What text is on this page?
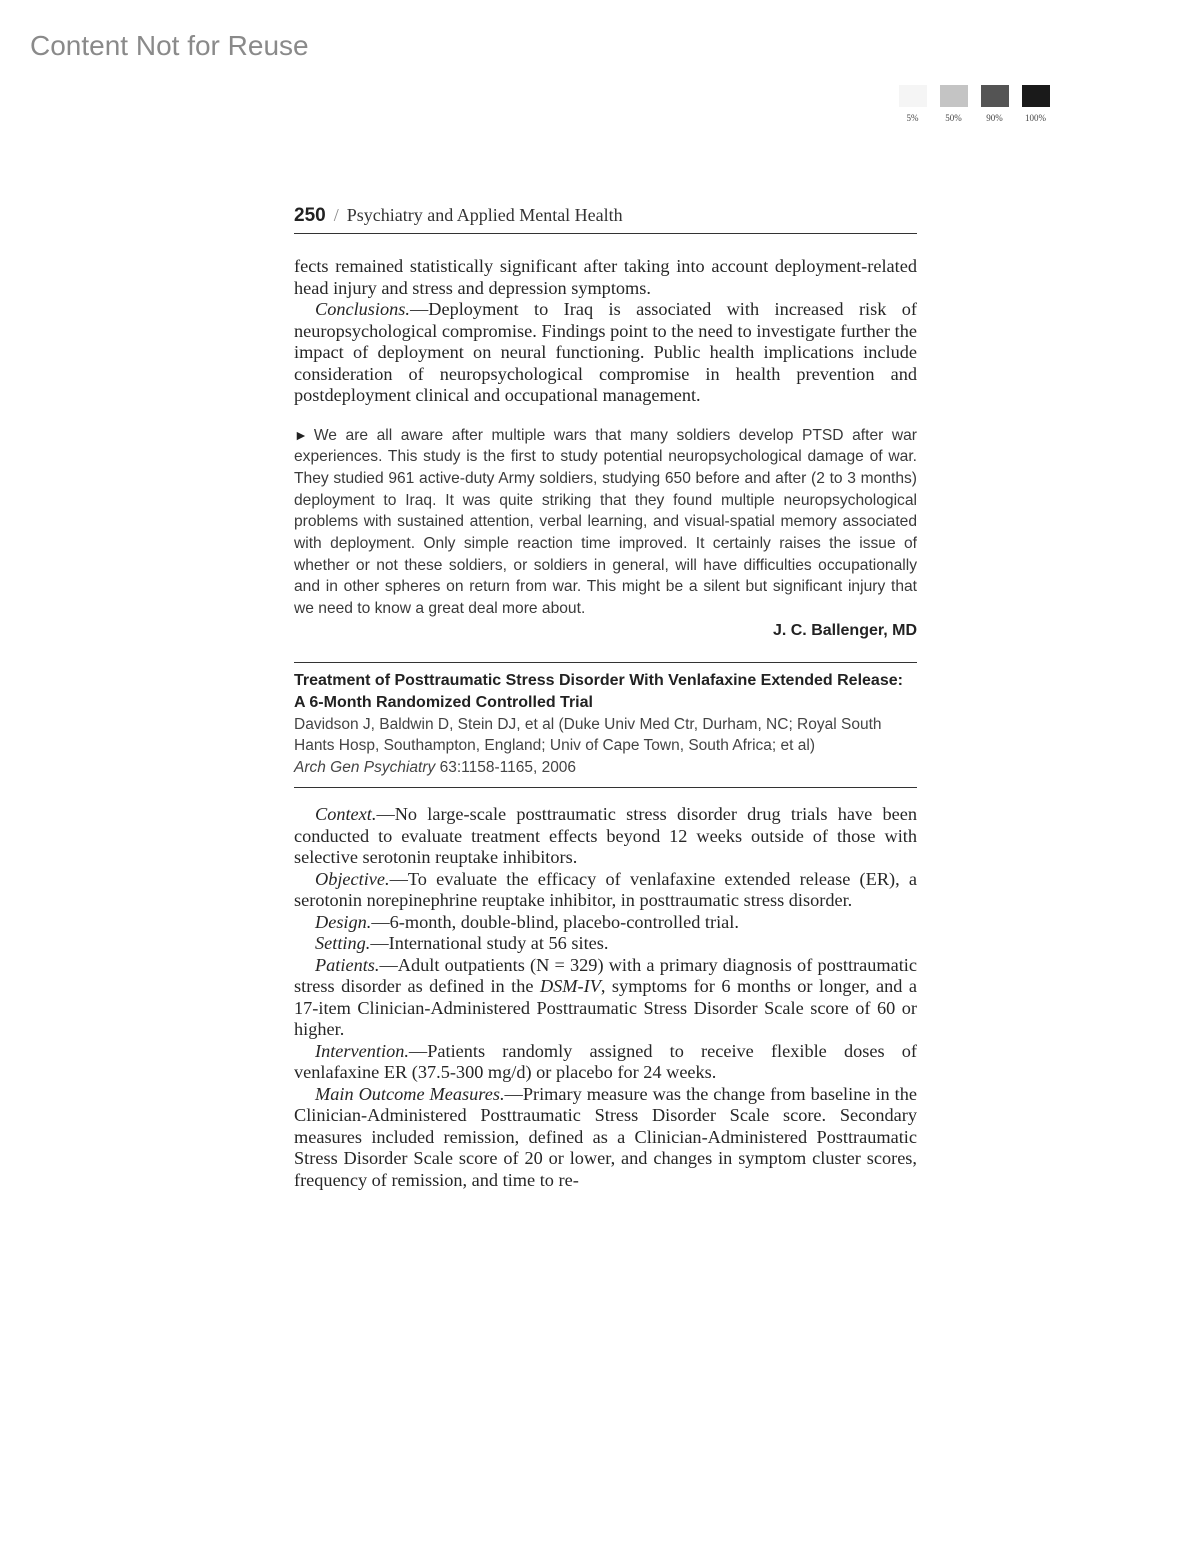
Content Not for Reuse
5%	50%	90% 100%
250 / Psychiatry and Applied Mental Health

fects remained statistically significant after taking into account deployment-related head injury and stress and depression symptoms.

Conclusions.—Deployment to Iraq is associated with increased risk of neuropsychological compromise. Findings point to the need to investigate further the impact of deployment on neural functioning. Public health implications include consideration of neuropsychological compromise in health prevention and postdeployment clinical and occupational management.

► We are all aware after multiple wars that many soldiers develop PTSD after war experiences. This study is the first to study potential neuropsychological damage of war. They studied 961 active-duty Army soldiers, studying 650 before and after (2 to 3 months) deployment to Iraq. It was quite striking that they found multiple neuropsychological problems with sustained attention, verbal learning, and visual-spatial memory associated with deployment. Only simple reaction time improved. It certainly raises the issue of whether or not these soldiers, or soldiers in general, will have difficulties occupationally and in other spheres on return from war. This might be a silent but significant injury that we need to know a great deal more about.
J. C. Ballenger, MD
Treatment of Posttraumatic Stress Disorder With Venlafaxine Extended Release: A 6-Month Randomized Controlled Trial
Davidson J, Baldwin D, Stein DJ, et al (Duke Univ Med Ctr, Durham, NC; Royal South Hants Hosp, Southampton, England; Univ of Cape Town, South Africa; et al)
Arch Gen Psychiatry 63:1158-1165, 2006

Context.—No large-scale posttraumatic stress disorder drug trials have been conducted to evaluate treatment effects beyond 12 weeks outside of those with selective serotonin reuptake inhibitors.

Objective.—To evaluate the efficacy of venlafaxine extended release (ER), a serotonin norepinephrine reuptake inhibitor, in posttraumatic stress disorder.

Design.—6-month, double-blind, placebo-controlled trial.

Setting.—International study at 56 sites.

Patients.—Adult outpatients (N = 329) with a primary diagnosis of posttraumatic stress disorder as defined in the DSM-IV, symptoms for 6 months or longer, and a 17-item Clinician-Administered Posttraumatic Stress Disorder Scale score of 60 or higher.

Intervention.—Patients randomly assigned to receive flexible doses of venlafaxine ER (37.5-300 mg/d) or placebo for 24 weeks.

Main Outcome Measures.—Primary measure was the change from baseline in the Clinician-Administered Posttraumatic Stress Disorder Scale score. Secondary measures included remission, defined as a Clinician-Administered Posttraumatic Stress Disorder Scale score of 20 or lower, and changes in symptom cluster scores, frequency of remission, and time to re-
